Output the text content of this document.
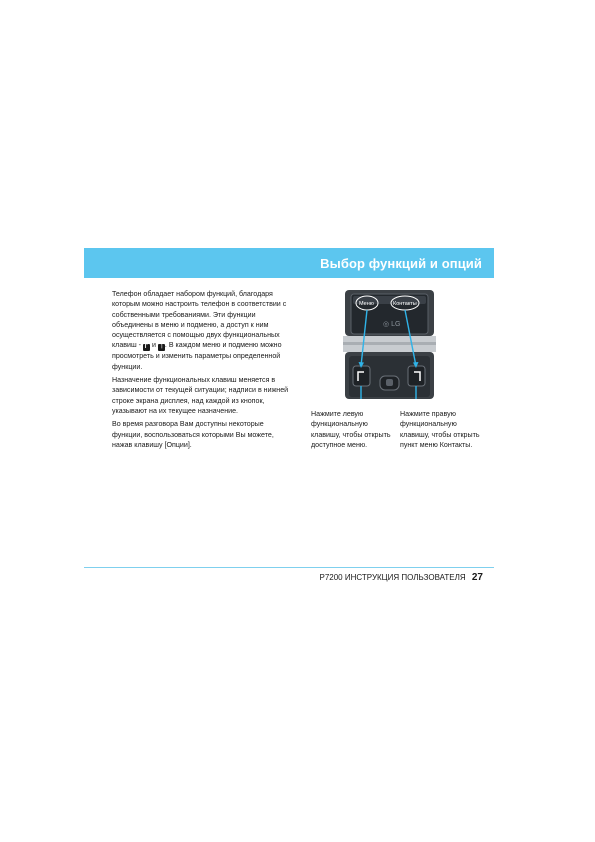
Выбор функций и опций

Телефон обладает набором функций, благодаря которым можно настроить телефон в соответствии с собственными требованиями. Эти функции объединены в меню и подменю, а доступ к ним осуществляется с помощью двух функциональных клавиш - Г и ˥ . В каждом меню и подменю можно просмотреть и изменить параметры определенной функции.

Назначение функциональных клавиш меняется в зависимости от текущей ситуации; надписи в нижней строке экрана дисплея, над каждой из кнопок, указывают на их текущее назначение.

Во время разговора Вам доступны некоторые функции, воспользоваться которыми Вы можете, нажав клавишу [Опции].

◎ LG
Меню	Контакты
Нажмите левую функциональную клавишу, чтобы открыть доступное меню.
Нажмите правую функциональную клавишу, чтобы открыть пункт меню Контакты.
P7200 ИНСТРУКЦИЯ ПОЛЬЗОВАТЕЛЯ 27
